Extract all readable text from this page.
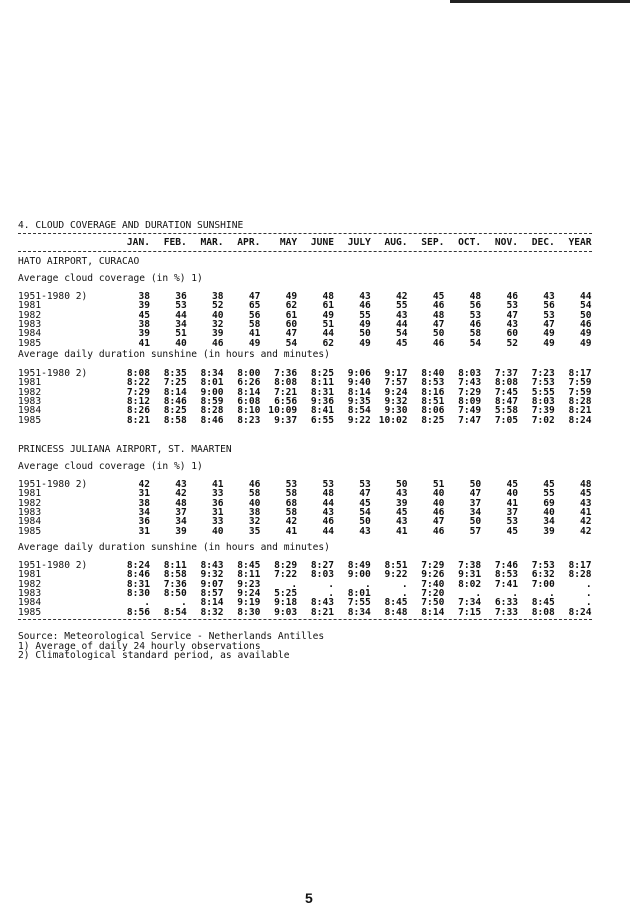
4. CLOUD COVERAGE AND DURATION SUNSHINE
JAN.	FEB.	MAR.	APR.	MAY	JUNE	JULY	AUG.	SEP.	OCT.	NOV.	DEC.	YEAR
HATO AIRPORT, CURACAO
Average cloud coverage (in %) 1)
1951-1980 2)	38	36	38	47	49	48	43	42	45	48	46	43	44
1981	39	53	52	65	62	61	46	55	46	56	53	56	54
1982	45	44	40	56	61	49	55	43	48	53	47	53	50
1983	38	34	32	58	60	51	49	44	47	46	43	47	46
1984	39	51	39	41	47	44	50	54	50	58	60	49	49
1985	41	40	46	49	54	62	49	45	46	54	52	49	49
Average daily duration sunshine (in hours and minutes)
1951-1980 2)	8:08	8:35	8:34	8:00	7:36	8:25	9:06	9:17	8:40	8:03	7:37	7:23	8:17
1981	8:22	7:25	8:01	6:26	8:08	8:11	9:40	7:57	8:53	7:43	8:08	7:53	7:59
1982	7:29	8:14	9:00	8:14	7:21	8:31	8:14	9:24	8:16	7:29	7:45	5:55	7:59
1983	8:12	8:46	8:59	6:08	6:56	9:36	9:35	9:32	8:51	8:09	8:47	8:03	8:28
1984	8:26	8:25	8:28	8:10 10:09	8:41	8:54	9:30	8:06	7:49	5:58	7:39	8:21
1985	8:21	8:58	8:46	8:23	9:37	6:55	9:22 10:02	8:25	7:47	7:05	7:02	8:24
PRINCESS JULIANA AIRPORT, ST. MAARTEN
Average cloud coverage (in %) 1)
1951-1980 2)	42	43	41	46	53	53	53	50	51	50	45	45	48
1981	31	42	33	58	58	48	47	43	40	47	40	55	45
1982	38	48	36	40	68	44	45	39	40	37	41	69	43
1983	34	37	31	38	58	43	54	45	46	34	37	40	41
1984	36	34	33	32	42	46	50	43	47	50	53	34	42
1985	31	39	40	35	41	44	43	41	46	57	45	39	42
Average daily duration sunshine (in hours and minutes)
1951-1980 2)	8:24	8:11	8:43	8:45	8:29	8:27	8:49	8:51	7:29	7:38	7:46	7:53	8:17
1981	8:46	8:58	9:32	8:11	7:22	8:03	9:00	9:22	9:26	9:31	8:53	6:32	8:28
1982	8:31	7:36	9:07	9:23	.	.	.	.	7:40	8:02	7:41	7:00	.
1983	8:30	8:50	8:57	9:24	5:25	.	8:01	.	7:20	.	.	.	.
1984	.	.	8:14	9:19	9:18	8:43	7:55	8:45	7:50	7:34	6:33	8:45	.
1985	8:56	8:54	8:32	8:30	9:03	8:21	8:34	8:48	8:14	7:15	7:33	8:08	8:24
Source: Meteorological Service - Netherlands Antilles
1) Average of daily 24 hourly observations
2) Climatological standard period, as available
5
